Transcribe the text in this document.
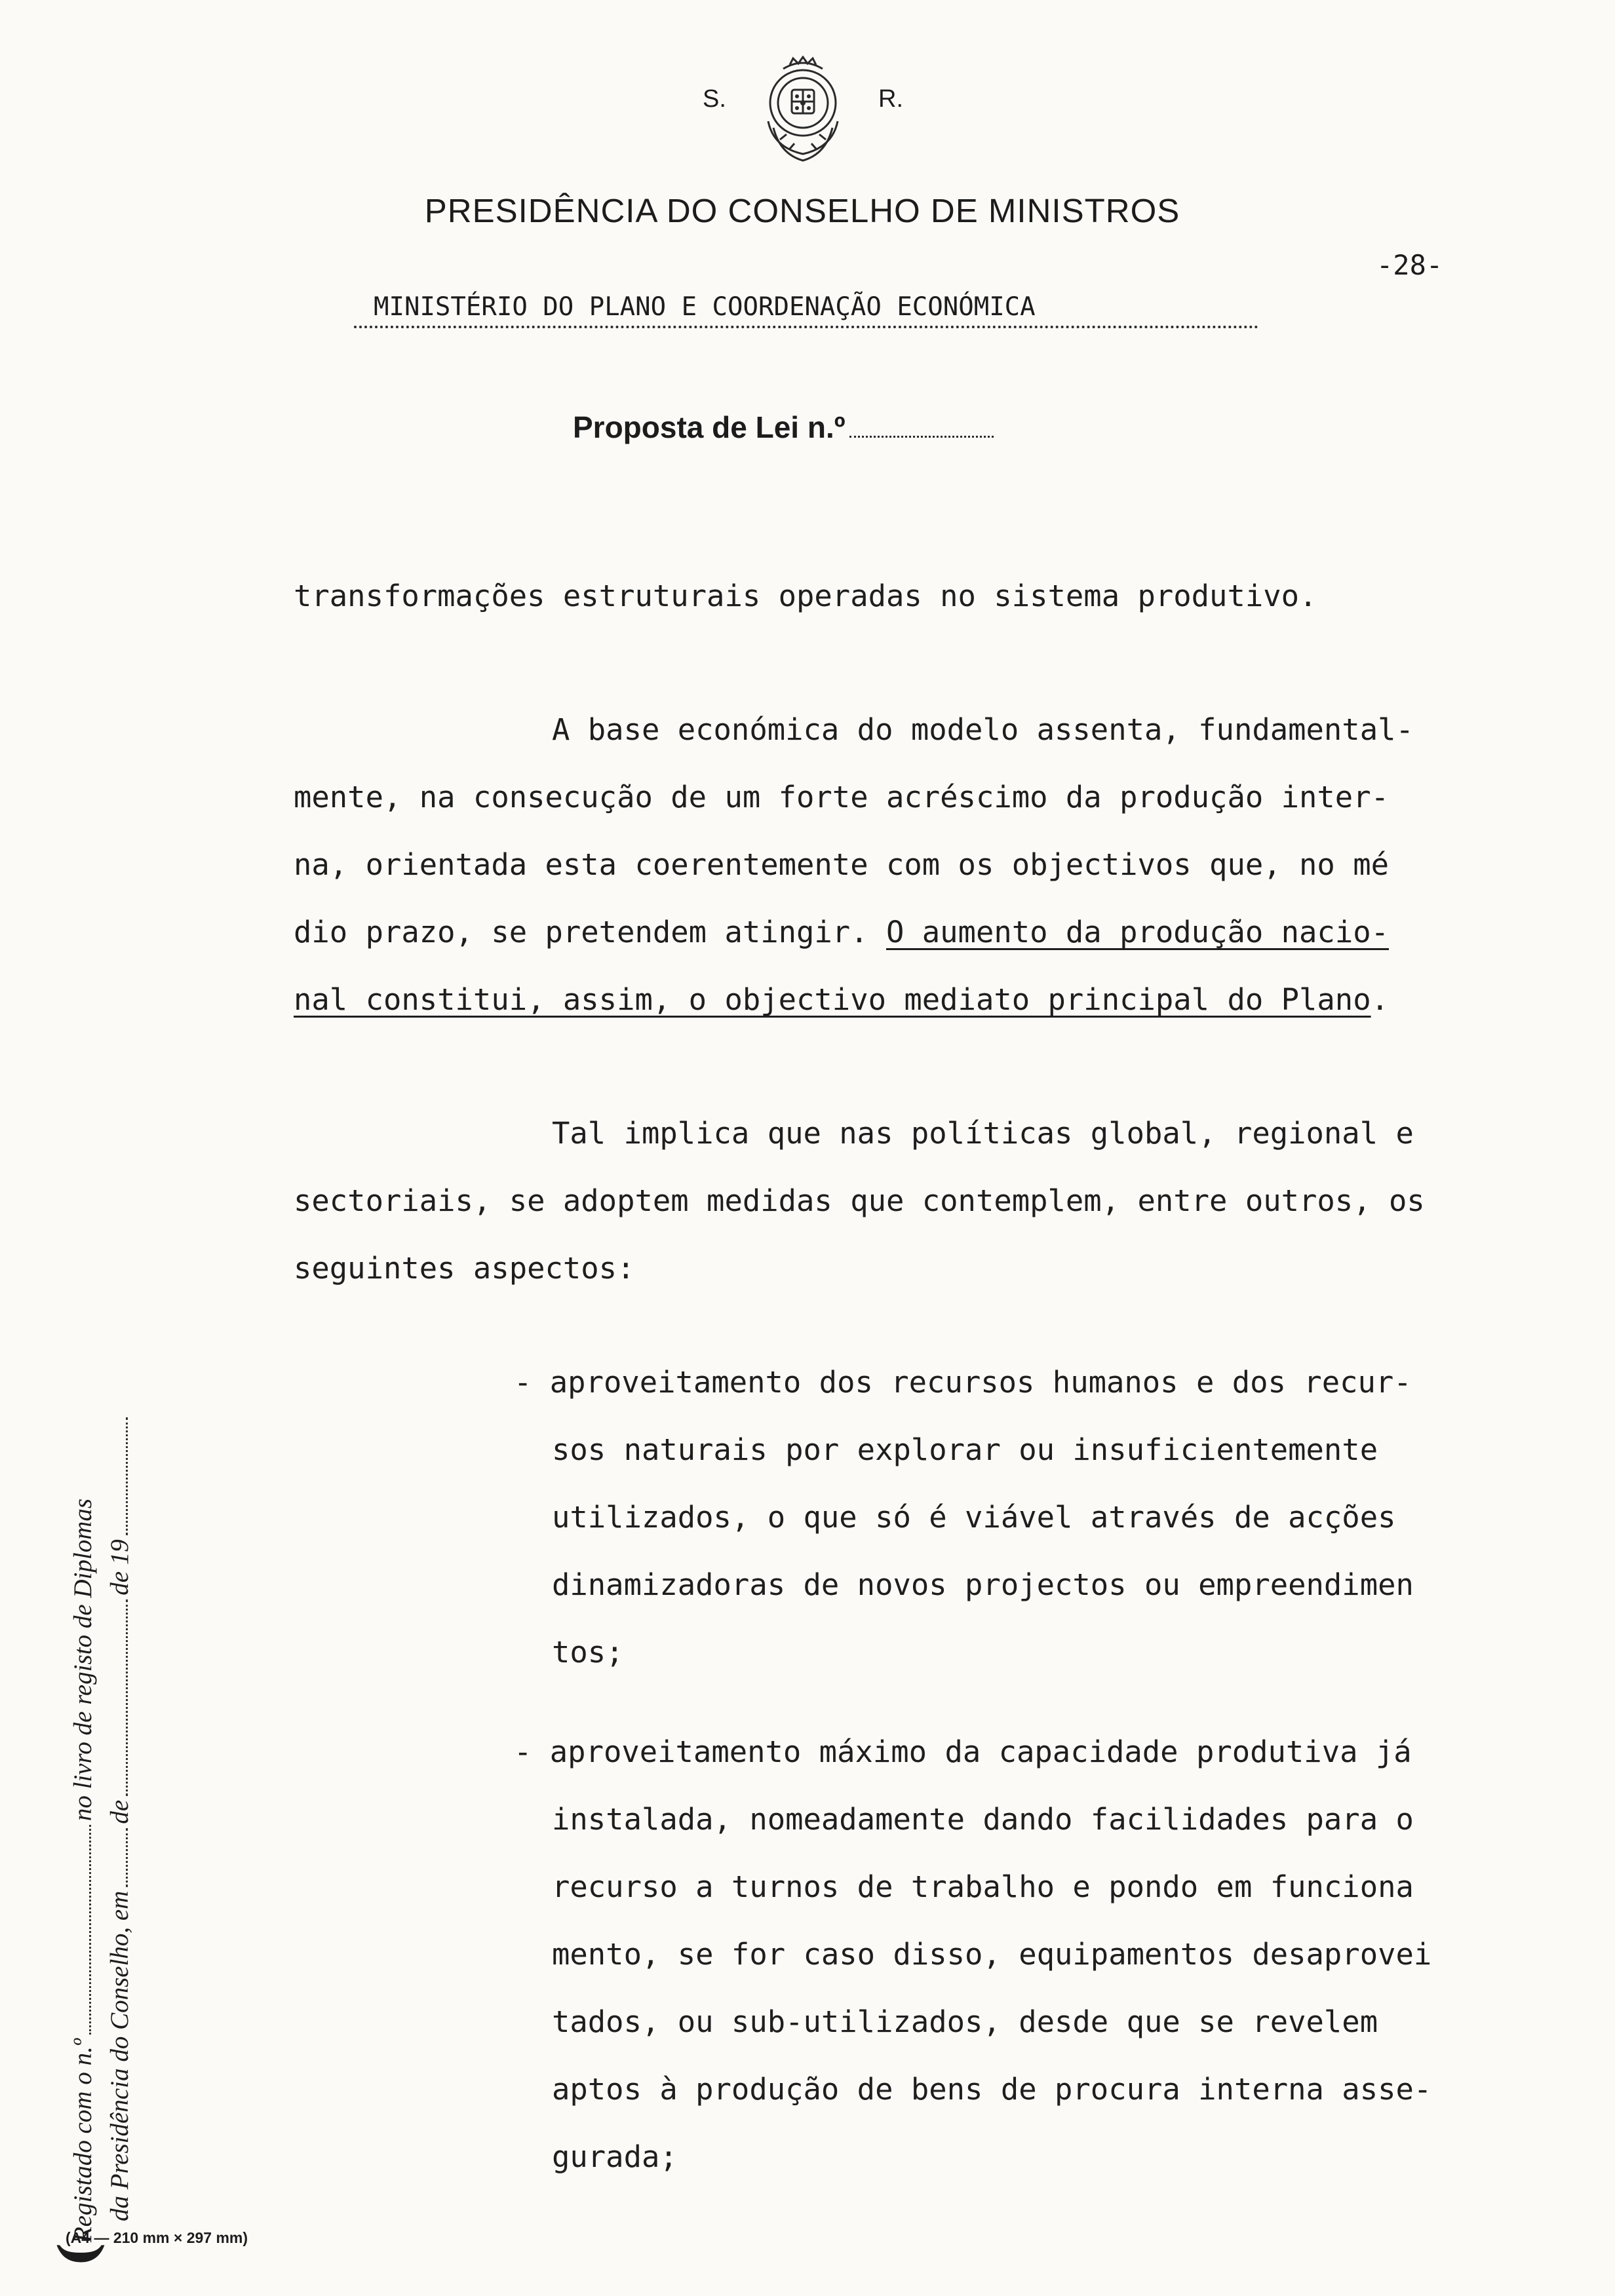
S.	R.
PRESIDÊNCIA DO CONSELHO DE MINISTROS
-28-
MINISTÉRIO DO PLANO E COORDENAÇÃO ECONÓMICA
Proposta de Lei n.º
(Registado com o n.ºno livro de registo de Diplomas
da Presidência do Conselho, emdede 19
transformações estruturais operadas no sistema produtivo.
A base económica do modelo assenta, fundamental-
mente, na consecução de um forte acréscimo da produção inter-
na, orientada esta coerentemente com os objectivos que, no mé
dio prazo, se pretendem atingir. O aumento da produção nacio-
nal constitui, assim, o objectivo mediato principal do Plano.
Tal implica que nas políticas global, regional e
sectoriais, se adoptem medidas que contemplem, entre outros, os
seguintes aspectos:
- aproveitamento dos recursos humanos e dos recur-
sos naturais por explorar ou insuficientemente
utilizados, o que só é viável através de acções
dinamizadoras de novos projectos ou empreendimen
tos;
- aproveitamento máximo da capacidade produtiva já
instalada, nomeadamente dando facilidades para o
recurso a turnos de trabalho e pondo em funciona
mento, se for caso disso, equipamentos desaprovei
tados, ou sub-utilizados, desde que se revelem
aptos à produção de bens de procura interna asse-
gurada;
(A4 — 210 mm × 297 mm)
